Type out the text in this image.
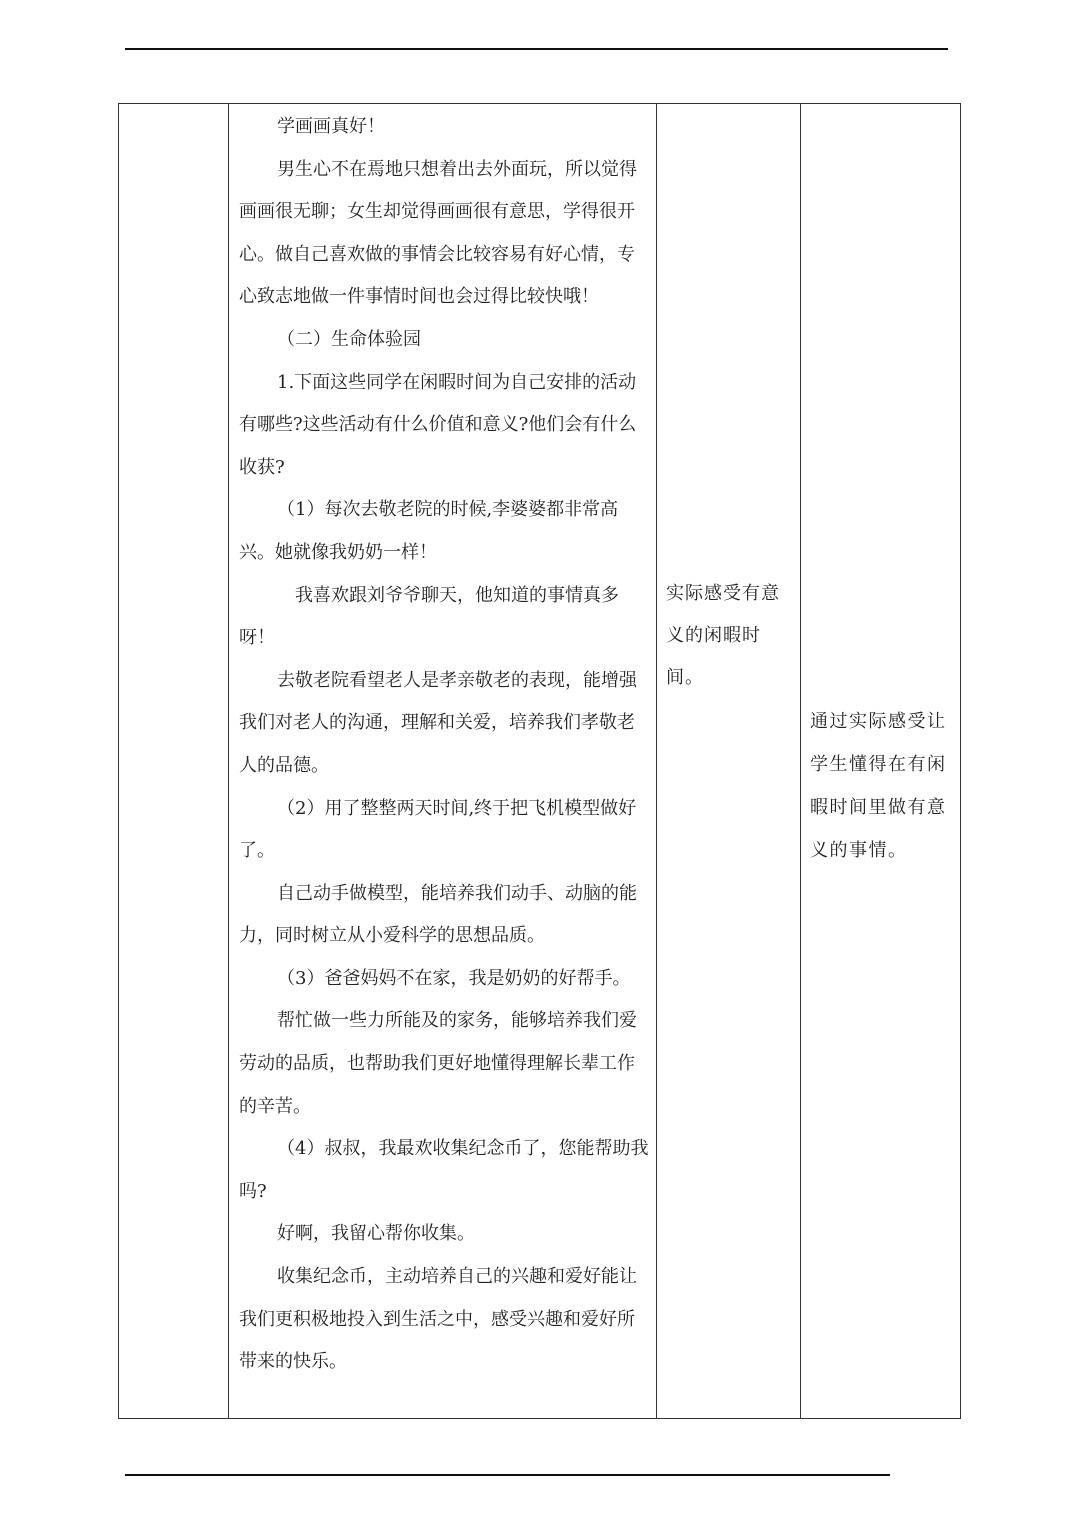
学画画真好！

男生心不在焉地只想着出去外面玩，所以觉得画画很无聊；女生却觉得画画很有意思，学得很开心。做自己喜欢做的事情会比较容易有好心情，专心致志地做一件事情时间也会过得比较快哦！

（二）生命体验园

1.下面这些同学在闲暇时间为自己安排的活动有哪些?这些活动有什么价值和意义?他们会有什么收获?

（1）每次去敬老院的时候,李婆婆都非常高兴。她就像我奶奶一样！

我喜欢跟刘爷爷聊天，他知道的事情真多呀！

去敬老院看望老人是孝亲敬老的表现，能增强我们对老人的沟通，理解和关爱，培养我们孝敬老人的品德。

（2）用了整整两天时间,终于把飞机模型做好了。

自己动手做模型，能培养我们动手、动脑的能力，同时树立从小爱科学的思想品质。

（3）爸爸妈妈不在家，我是奶奶的好帮手。

帮忙做一些力所能及的家务，能够培养我们爱劳动的品质，也帮助我们更好地懂得理解长辈工作的辛苦。

（4）叔叔，我最欢收集纪念币了，您能帮助我吗?

好啊，我留心帮你收集。

收集纪念币，主动培养自己的兴趣和爱好能让我们更积极地投入到生活之中，感受兴趣和爱好所带来的快乐。

实际感受有意义的闲暇时间。
通过实际感受让学生懂得在有闲暇时间里做有意义的事情。
